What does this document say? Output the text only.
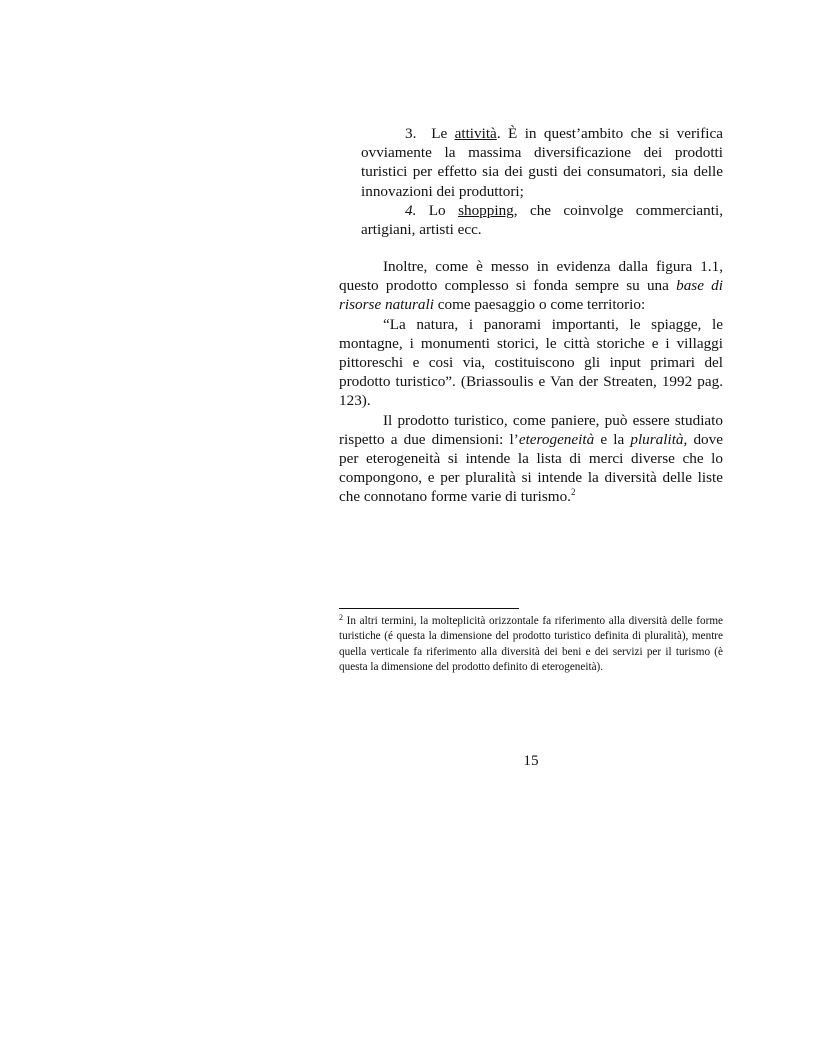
3.  Le attività. È in quest’ambito che si verifica ovviamente la massima diversificazione dei prodotti turistici per effetto sia dei gusti dei consumatori, sia delle innovazioni dei produttori;

4. Lo shopping, che coinvolge commercianti, artigiani, artisti ecc.

Inoltre, come è messo in evidenza dalla figura 1.1, questo prodotto complesso si fonda sempre su una base di risorse naturali come paesaggio o come territorio:

“La natura, i panorami importanti, le spiagge, le montagne, i monumenti storici, le città storiche e i villaggi pittoreschi e cosi via, costituiscono gli input primari del prodotto turistico”. (Briassoulis e Van der Streaten, 1992 pag. 123).

Il prodotto turistico, come paniere, può essere studiato rispetto a due dimensioni: l’eterogeneità e la pluralità, dove per eterogeneità si intende la lista di merci diverse che lo compongono, e per pluralità si intende la diversità delle liste che connotano forme varie di turismo.$^2$

$^2$ In altri termini, la molteplicità orizzontale fa riferimento alla diversità delle forme turistiche (é questa la dimensione del prodotto turistico definita di pluralità), mentre quella verticale fa riferimento alla diversità dei beni e dei servizi per il turismo (è questa la dimensione del prodotto definito di eterogeneità).

15
